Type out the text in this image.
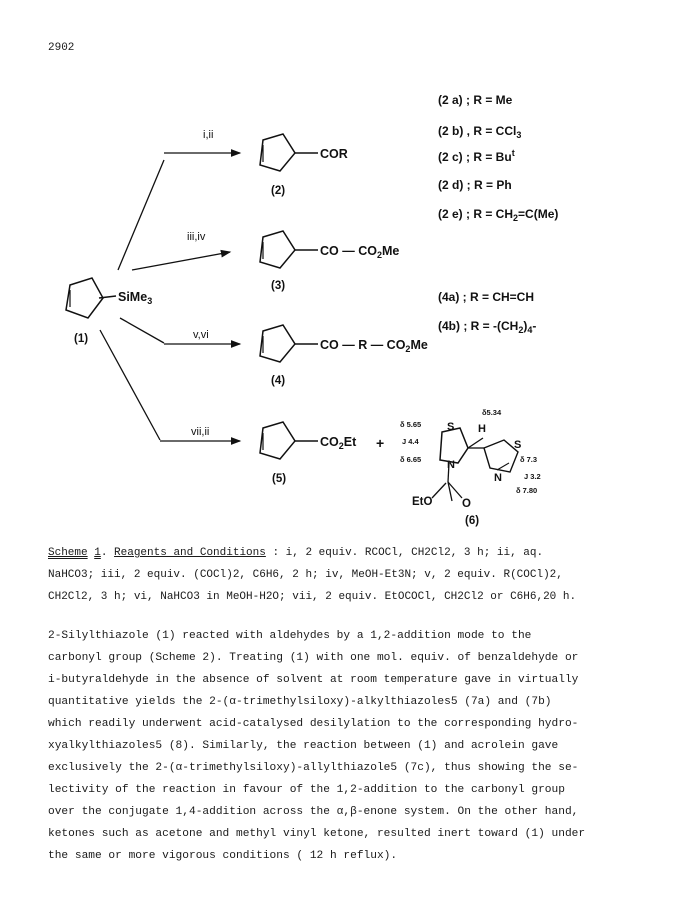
2902
SiMe$_3$
(1)
i,ii
iii,iv
v,vi
vii,ii
COR
(2)
CO — $CO_2Me$
(3)
CO — R — $CO_2Me$
(4)
$CO_2Et$
(5)
+
S H
N
S
N
EtO	O
δ 5.65
J 4.4
δ 6.65
δ5.34
δ 7.3
J 3.2
δ 7.80
(6)
(2 a) ; R = Me
(2 b) , R = CCl$_3$
(2 c) ; $R = Bu^t$
(2 d) ; R = Ph
(2 e) ; $R = CH_2=C(Me)$
(4a) ; R = CH=CH
(4b) ; $R = -(CH_2)_4-$
Scheme 1. Reagents and Conditions : i, 2 equiv. RCOCl, CH2Cl2, 3 h; ii, aq.
NaHCO3; iii, 2 equiv. (COCl)2, C6H6, 2 h; iv, MeOH-Et3N; v, 2 equiv. R(COCl)2,
CH2Cl2, 3 h; vi, NaHCO3 in MeOH-H2O; vii, 2 equiv. EtOCOCl, CH2Cl2 or C6H6,20 h.
2-Silylthiazole (1) reacted with aldehydes by a 1,2-addition mode to the
carbonyl group (Scheme 2). Treating (1) with one mol. equiv. of benzaldehyde or
i-butyraldehyde in the absence of solvent at room temperature gave in virtually
quantitative yields the 2-(α-trimethylsiloxy)-alkylthiazoles5 (7a) and (7b)
which readily underwent acid-catalysed desilylation to the corresponding hydro-
xyalkylthiazoles5 (8). Similarly, the reaction between (1) and acrolein gave
exclusively the 2-(α-trimethylsiloxy)-allylthiazole5 (7c), thus showing the se-
lectivity of the reaction in favour of the 1,2-addition to the carbonyl group
over the conjugate 1,4-addition across the α,β-enone system. On the other hand,
ketones such as acetone and methyl vinyl ketone, resulted inert toward (1) under
the same or more vigorous conditions ( 12 h reflux).
